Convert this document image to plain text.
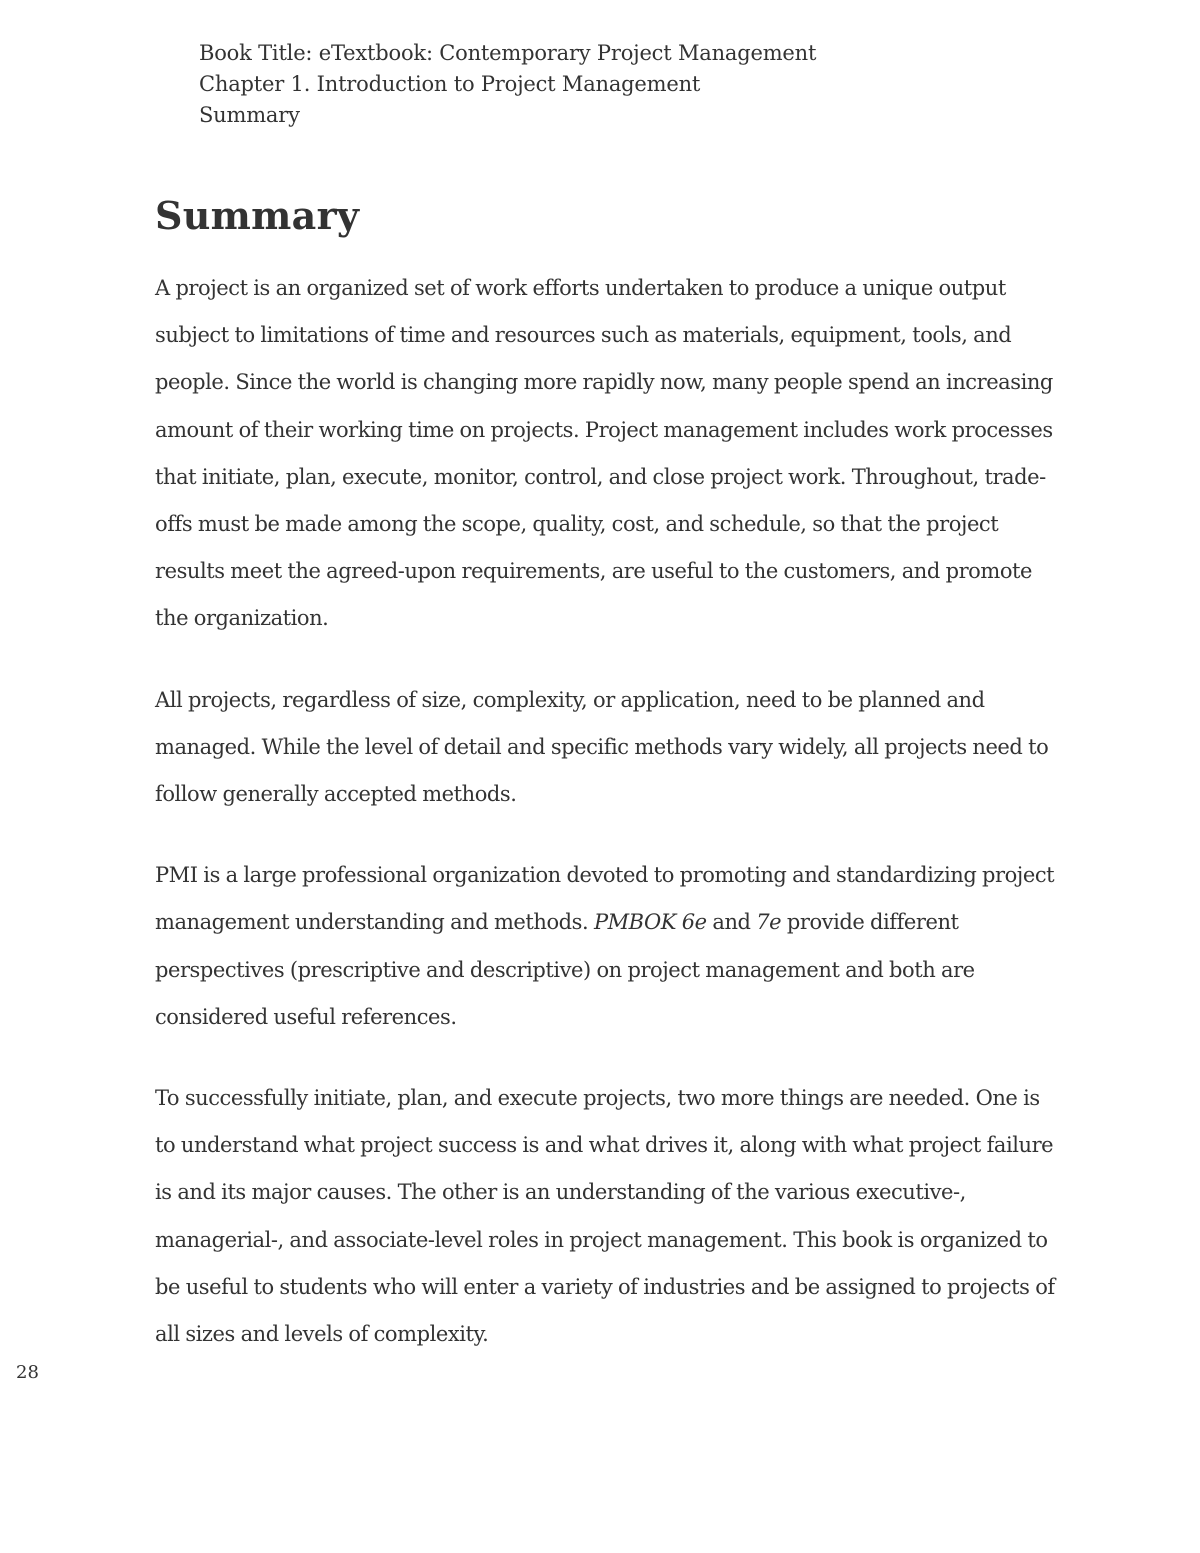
Book Title: eTextbook: Contemporary Project Management
Chapter 1. Introduction to Project Management
Summary
Summary

A project is an organized set of work efforts undertaken to produce a unique output subject to limitations of time and resources such as materials, equipment, tools, and people. Since the world is changing more rapidly now, many people spend an increasing amount of their working time on projects. Project management includes work processes that initiate, plan, execute, monitor, control, and close project work. Throughout, trade-offs must be made among the scope, quality, cost, and schedule, so that the project results meet the agreed-upon requirements, are useful to the customers, and promote the organization.

All projects, regardless of size, complexity, or application, need to be planned and managed. While the level of detail and specific methods vary widely, all projects need to follow generally accepted methods.

PMI is a large professional organization devoted to promoting and standardizing project management understanding and methods. PMBOK 6e and 7e provide different perspectives (prescriptive and descriptive) on project management and both are considered useful references.

To successfully initiate, plan, and execute projects, two more things are needed. One is to understand what project success is and what drives it, along with what project failure is and its major causes. The other is an understanding of the various executive-, managerial-, and associate-level roles in project management. This book is organized to be useful to students who will enter a variety of industries and be assigned to projects of all sizes and levels of complexity.

28
